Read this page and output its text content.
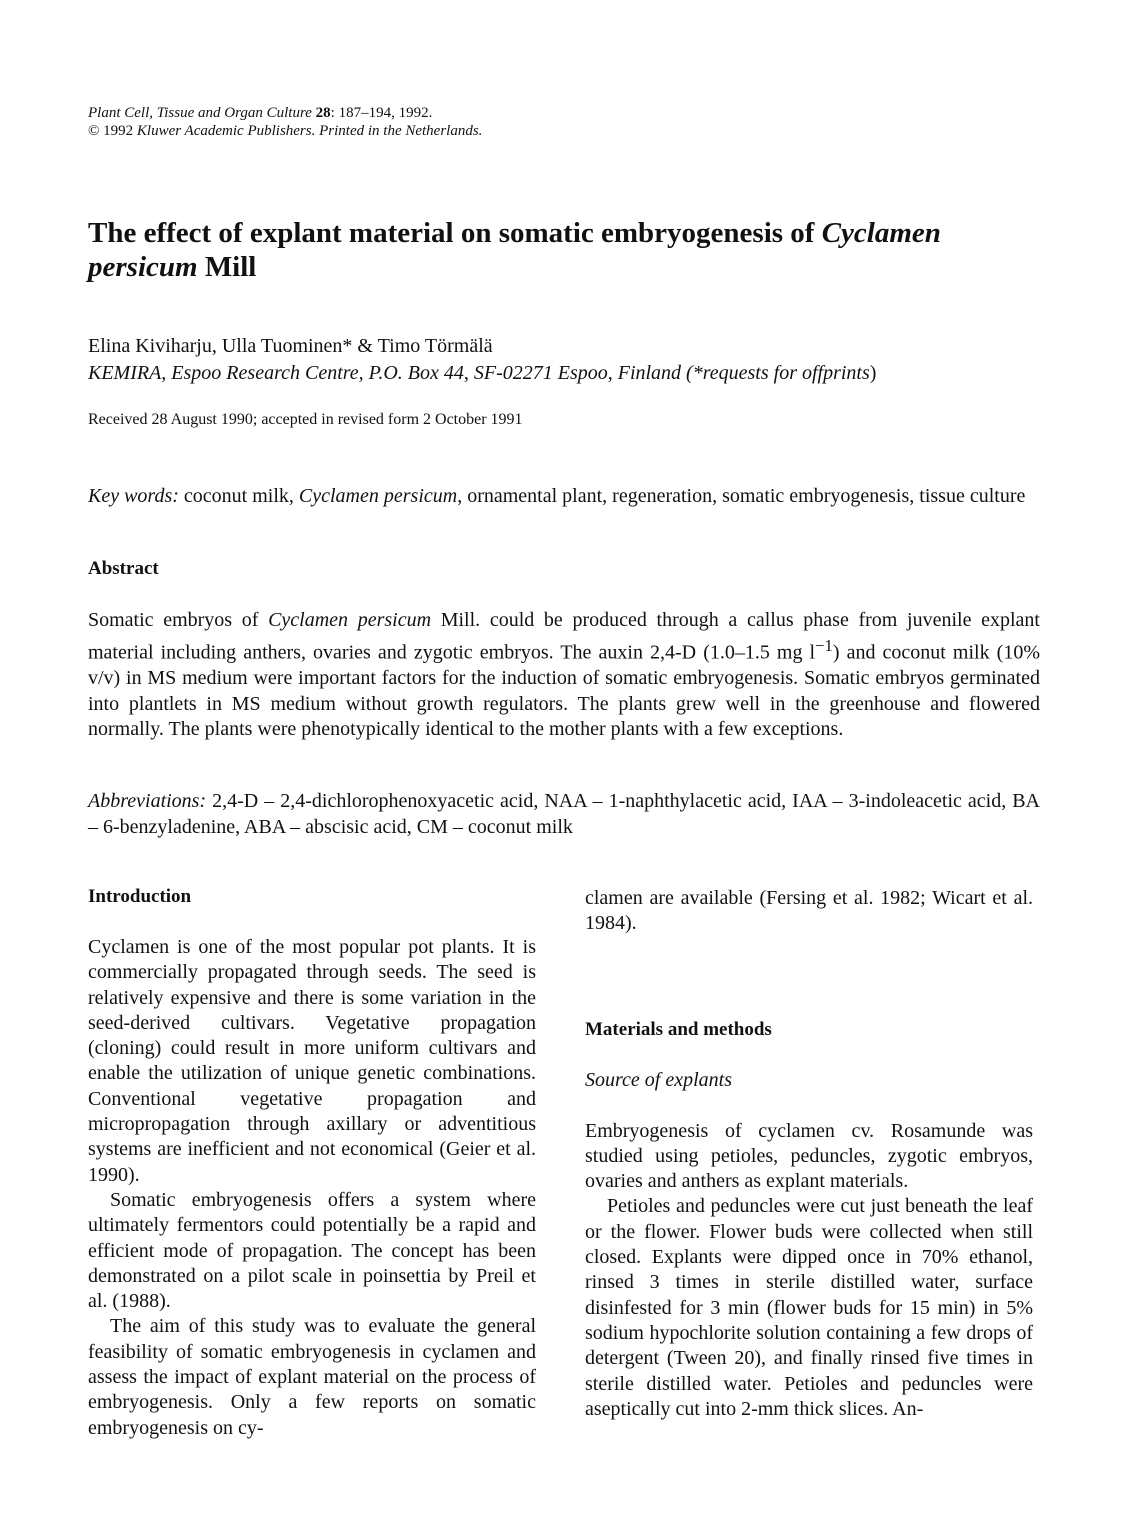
Plant Cell, Tissue and Organ Culture 28: 187–194, 1992.
© 1992 Kluwer Academic Publishers. Printed in the Netherlands.
The effect of explant material on somatic embryogenesis of Cyclamen
persicum Mill
Elina Kiviharju, Ulla Tuominen* & Timo Törmälä
KEMIRA, Espoo Research Centre, P.O. Box 44, SF-02271 Espoo, Finland (*requests for offprints)
Received 28 August 1990; accepted in revised form 2 October 1991
Key words: coconut milk, Cyclamen persicum, ornamental plant, regeneration, somatic embryogenesis, tissue culture
Abstract

Somatic embryos of Cyclamen persicum Mill. could be produced through a callus phase from juvenile explant material including anthers, ovaries and zygotic embryos. The auxin 2,4-D (1.0–1.5 mg $l^{-1}$) and coconut milk (10% v/v) in MS medium were important factors for the induction of somatic embryogenesis. Somatic embryos germinated into plantlets in MS medium without growth regulators. The plants grew well in the greenhouse and flowered normally. The plants were phenotypically identical to the mother plants with a few exceptions.

Abbreviations: 2,4-D – 2,4-dichlorophenoxyacetic acid, NAA – 1-naphthylacetic acid, IAA – 3-indoleacetic acid, BA – 6-benzyladenine, ABA – abscisic acid, CM – coconut milk

Introduction

Cyclamen is one of the most popular pot plants. It is commercially propagated through seeds. The seed is relatively expensive and there is some variation in the seed-derived cultivars. Vegetative propagation (cloning) could result in more uniform cultivars and enable the utilization of unique genetic combinations. Conventional vegetative propagation and micropropagation through axillary or adventitious systems are inefficient and not economical (Geier et al. 1990).

Somatic embryogenesis offers a system where ultimately fermentors could potentially be a rapid and efficient mode of propagation. The concept has been demonstrated on a pilot scale in poinsettia by Preil et al. (1988).

The aim of this study was to evaluate the general feasibility of somatic embryogenesis in cyclamen and assess the impact of explant material on the process of embryogenesis. Only a few reports on somatic embryogenesis on cy-

clamen are available (Fersing et al. 1982; Wicart et al. 1984).

Materials and methods
Source of explants

Embryogenesis of cyclamen cv. Rosamunde was studied using petioles, peduncles, zygotic embryos, ovaries and anthers as explant materials.

Petioles and peduncles were cut just beneath the leaf or the flower. Flower buds were collected when still closed. Explants were dipped once in 70% ethanol, rinsed 3 times in sterile distilled water, surface disinfested for 3 min (flower buds for 15 min) in 5% sodium hypochlorite solution containing a few drops of detergent (Tween 20), and finally rinsed five times in sterile distilled water. Petioles and peduncles were aseptically cut into 2-mm thick slices. An-
